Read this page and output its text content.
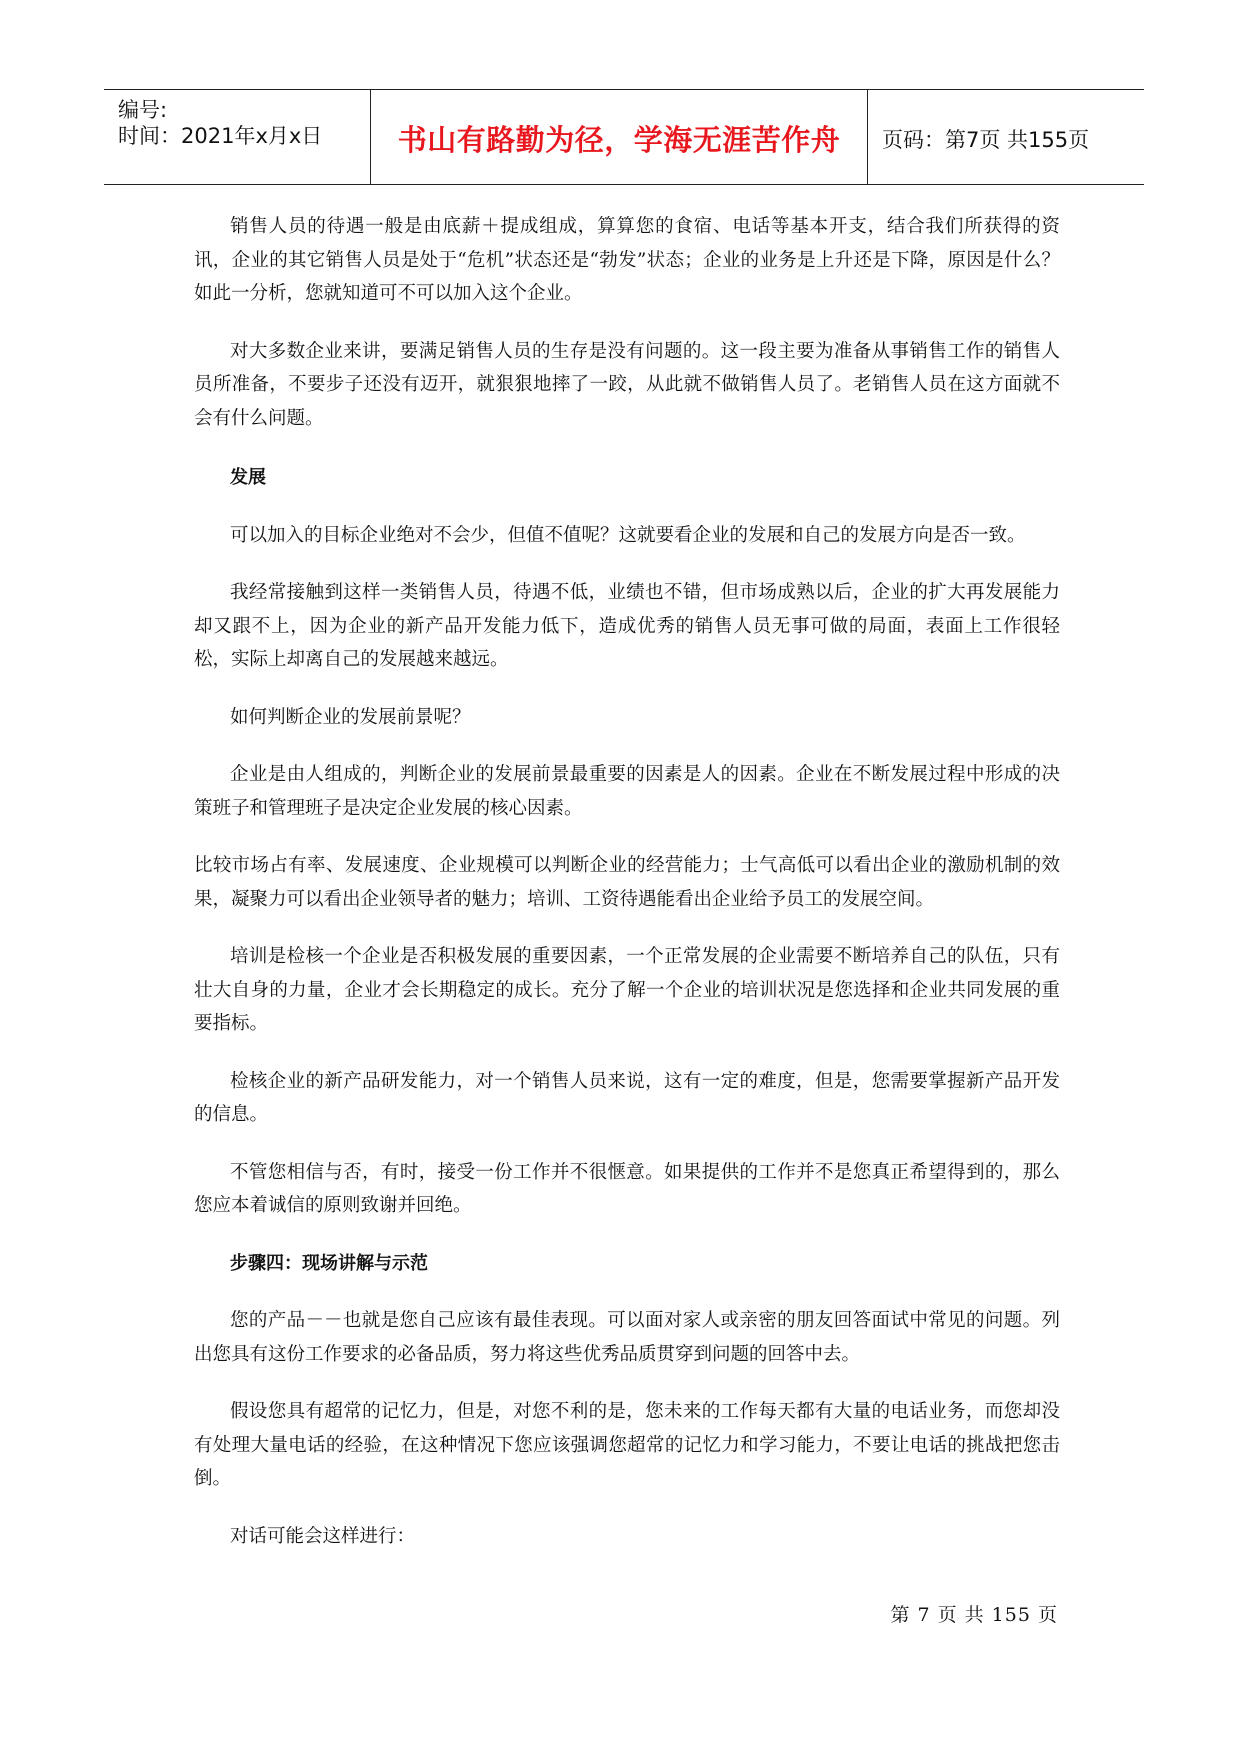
编号:
时间：2021年x月x日	书山有路勤为径，学海无涯苦作舟	页码：第7页 共155页

销售人员的待遇一般是由底薪＋提成组成，算算您的食宿、电话等基本开支，结合我们所获得的资讯，企业的其它销售人员是处于“危机”状态还是“勃发”状态；企业的业务是上升还是下降，原因是什么？如此一分析，您就知道可不可以加入这个企业。

对大多数企业来讲，要满足销售人员的生存是没有问题的。这一段主要为准备从事销售工作的销售人员所准备，不要步子还没有迈开，就狠狠地摔了一跤，从此就不做销售人员了。老销售人员在这方面就不会有什么问题。

发展

可以加入的目标企业绝对不会少，但值不值呢？这就要看企业的发展和自己的发展方向是否一致。

我经常接触到这样一类销售人员，待遇不低，业绩也不错，但市场成熟以后，企业的扩大再发展能力却又跟不上，因为企业的新产品开发能力低下，造成优秀的销售人员无事可做的局面，表面上工作很轻松，实际上却离自己的发展越来越远。

如何判断企业的发展前景呢？

企业是由人组成的，判断企业的发展前景最重要的因素是人的因素。企业在不断发展过程中形成的决策班子和管理班子是决定企业发展的核心因素。

比较市场占有率、发展速度、企业规模可以判断企业的经营能力；士气高低可以看出企业的激励机制的效果，凝聚力可以看出企业领导者的魅力；培训、工资待遇能看出企业给予员工的发展空间。

培训是检核一个企业是否积极发展的重要因素，一个正常发展的企业需要不断培养自己的队伍，只有壮大自身的力量，企业才会长期稳定的成长。充分了解一个企业的培训状况是您选择和企业共同发展的重要指标。

检核企业的新产品研发能力，对一个销售人员来说，这有一定的难度，但是，您需要掌握新产品开发的信息。

不管您相信与否，有时，接受一份工作并不很惬意。如果提供的工作并不是您真正希望得到的，那么您应本着诚信的原则致谢并回绝。

步骤四：现场讲解与示范

您的产品－－也就是您自己应该有最佳表现。可以面对家人或亲密的朋友回答面试中常见的问题。列出您具有这份工作要求的必备品质，努力将这些优秀品质贯穿到问题的回答中去。

假设您具有超常的记忆力，但是，对您不利的是，您未来的工作每天都有大量的电话业务，而您却没有处理大量电话的经验，在这种情况下您应该强调您超常的记忆力和学习能力，不要让电话的挑战把您击倒。

对话可能会这样进行：

第 7 页 共 155 页
